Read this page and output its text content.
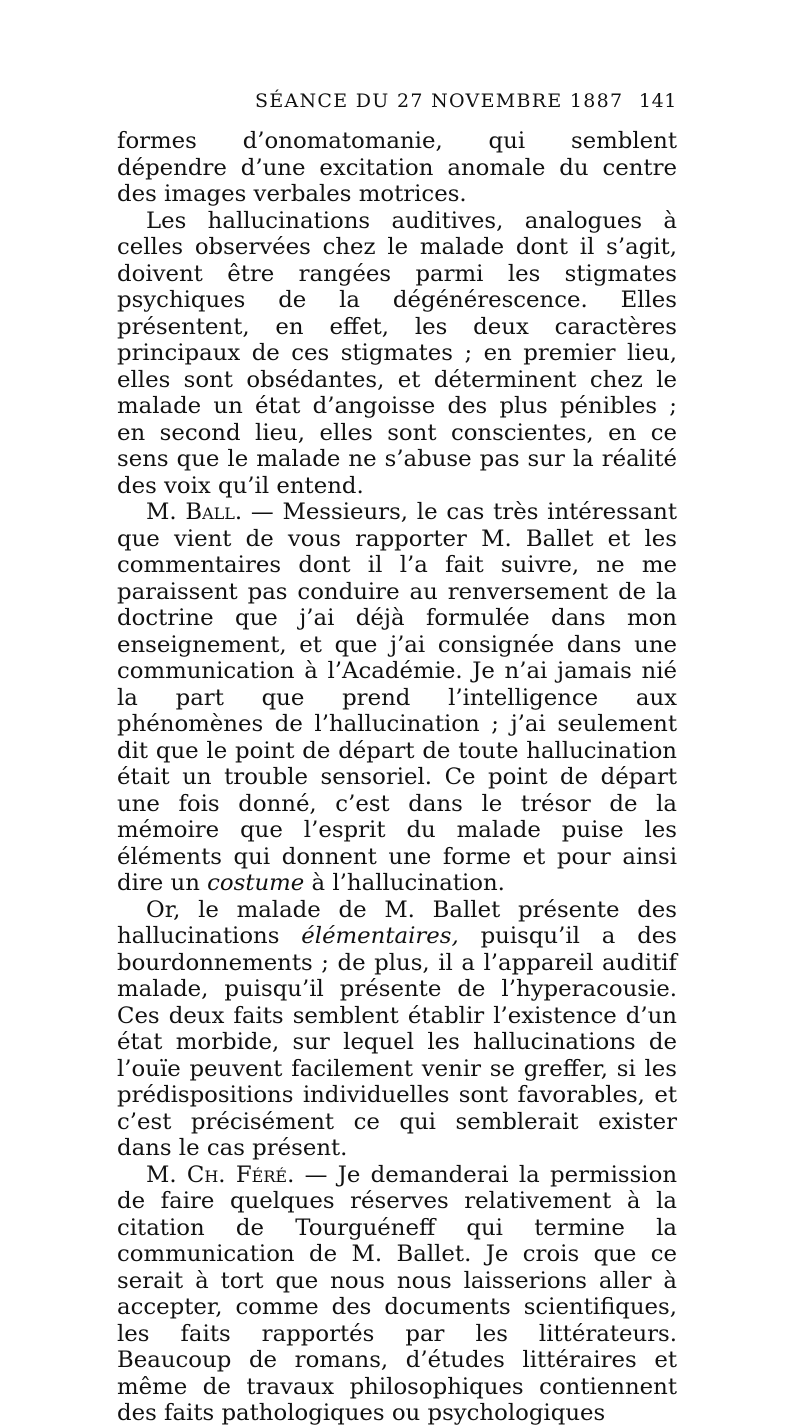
SÉANCE DU 27 NOVEMBRE 1887 141

formes d’onomatomanie, qui semblent dépendre d’une excitation anomale du centre des images verbales motrices.

Les hallucinations auditives, analogues à celles observées chez le malade dont il s’agit, doivent être rangées parmi les stigmates psychiques de la dégénérescence. Elles présentent, en effet, les deux caractères principaux de ces stigmates ; en premier lieu, elles sont obsédantes, et déterminent chez le malade un état d’angoisse des plus pénibles ; en second lieu, elles sont conscientes, en ce sens que le malade ne s’abuse pas sur la réalité des voix qu’il entend.

M. Ball. — Messieurs, le cas très intéressant que vient de vous rapporter M. Ballet et les commentaires dont il l’a fait suivre, ne me paraissent pas conduire au renversement de la doctrine que j’ai déjà formulée dans mon enseignement, et que j’ai consignée dans une communication à l’Académie. Je n’ai jamais nié la part que prend l’intelligence aux phénomènes de l’hallucination ; j’ai seulement dit que le point de départ de toute hallucination était un trouble sensoriel. Ce point de départ une fois donné, c’est dans le trésor de la mémoire que l’esprit du malade puise les éléments qui donnent une forme et pour ainsi dire un costume à l’hallucination.

Or, le malade de M. Ballet présente des hallucinations élémentaires, puisqu’il a des bourdonnements ; de plus, il a l’appareil auditif malade, puisqu’il présente de l’hyperacousie. Ces deux faits semblent établir l’existence d’un état morbide, sur lequel les hallucinations de l’ouïe peuvent facilement venir se greffer, si les prédispositions individuelles sont favorables, et c’est précisément ce qui semblerait exister dans le cas présent.

M. Ch. Féré. — Je demanderai la permission de faire quelques réserves relativement à la citation de Tourguéneff qui termine la communication de M. Ballet. Je crois que ce serait à tort que nous nous laisserions aller à accepter, comme des documents scientifiques, les faits rapportés par les littérateurs. Beaucoup de romans, d’études littéraires et même de travaux philosophiques contiennent des faits pathologiques ou psychologiques
